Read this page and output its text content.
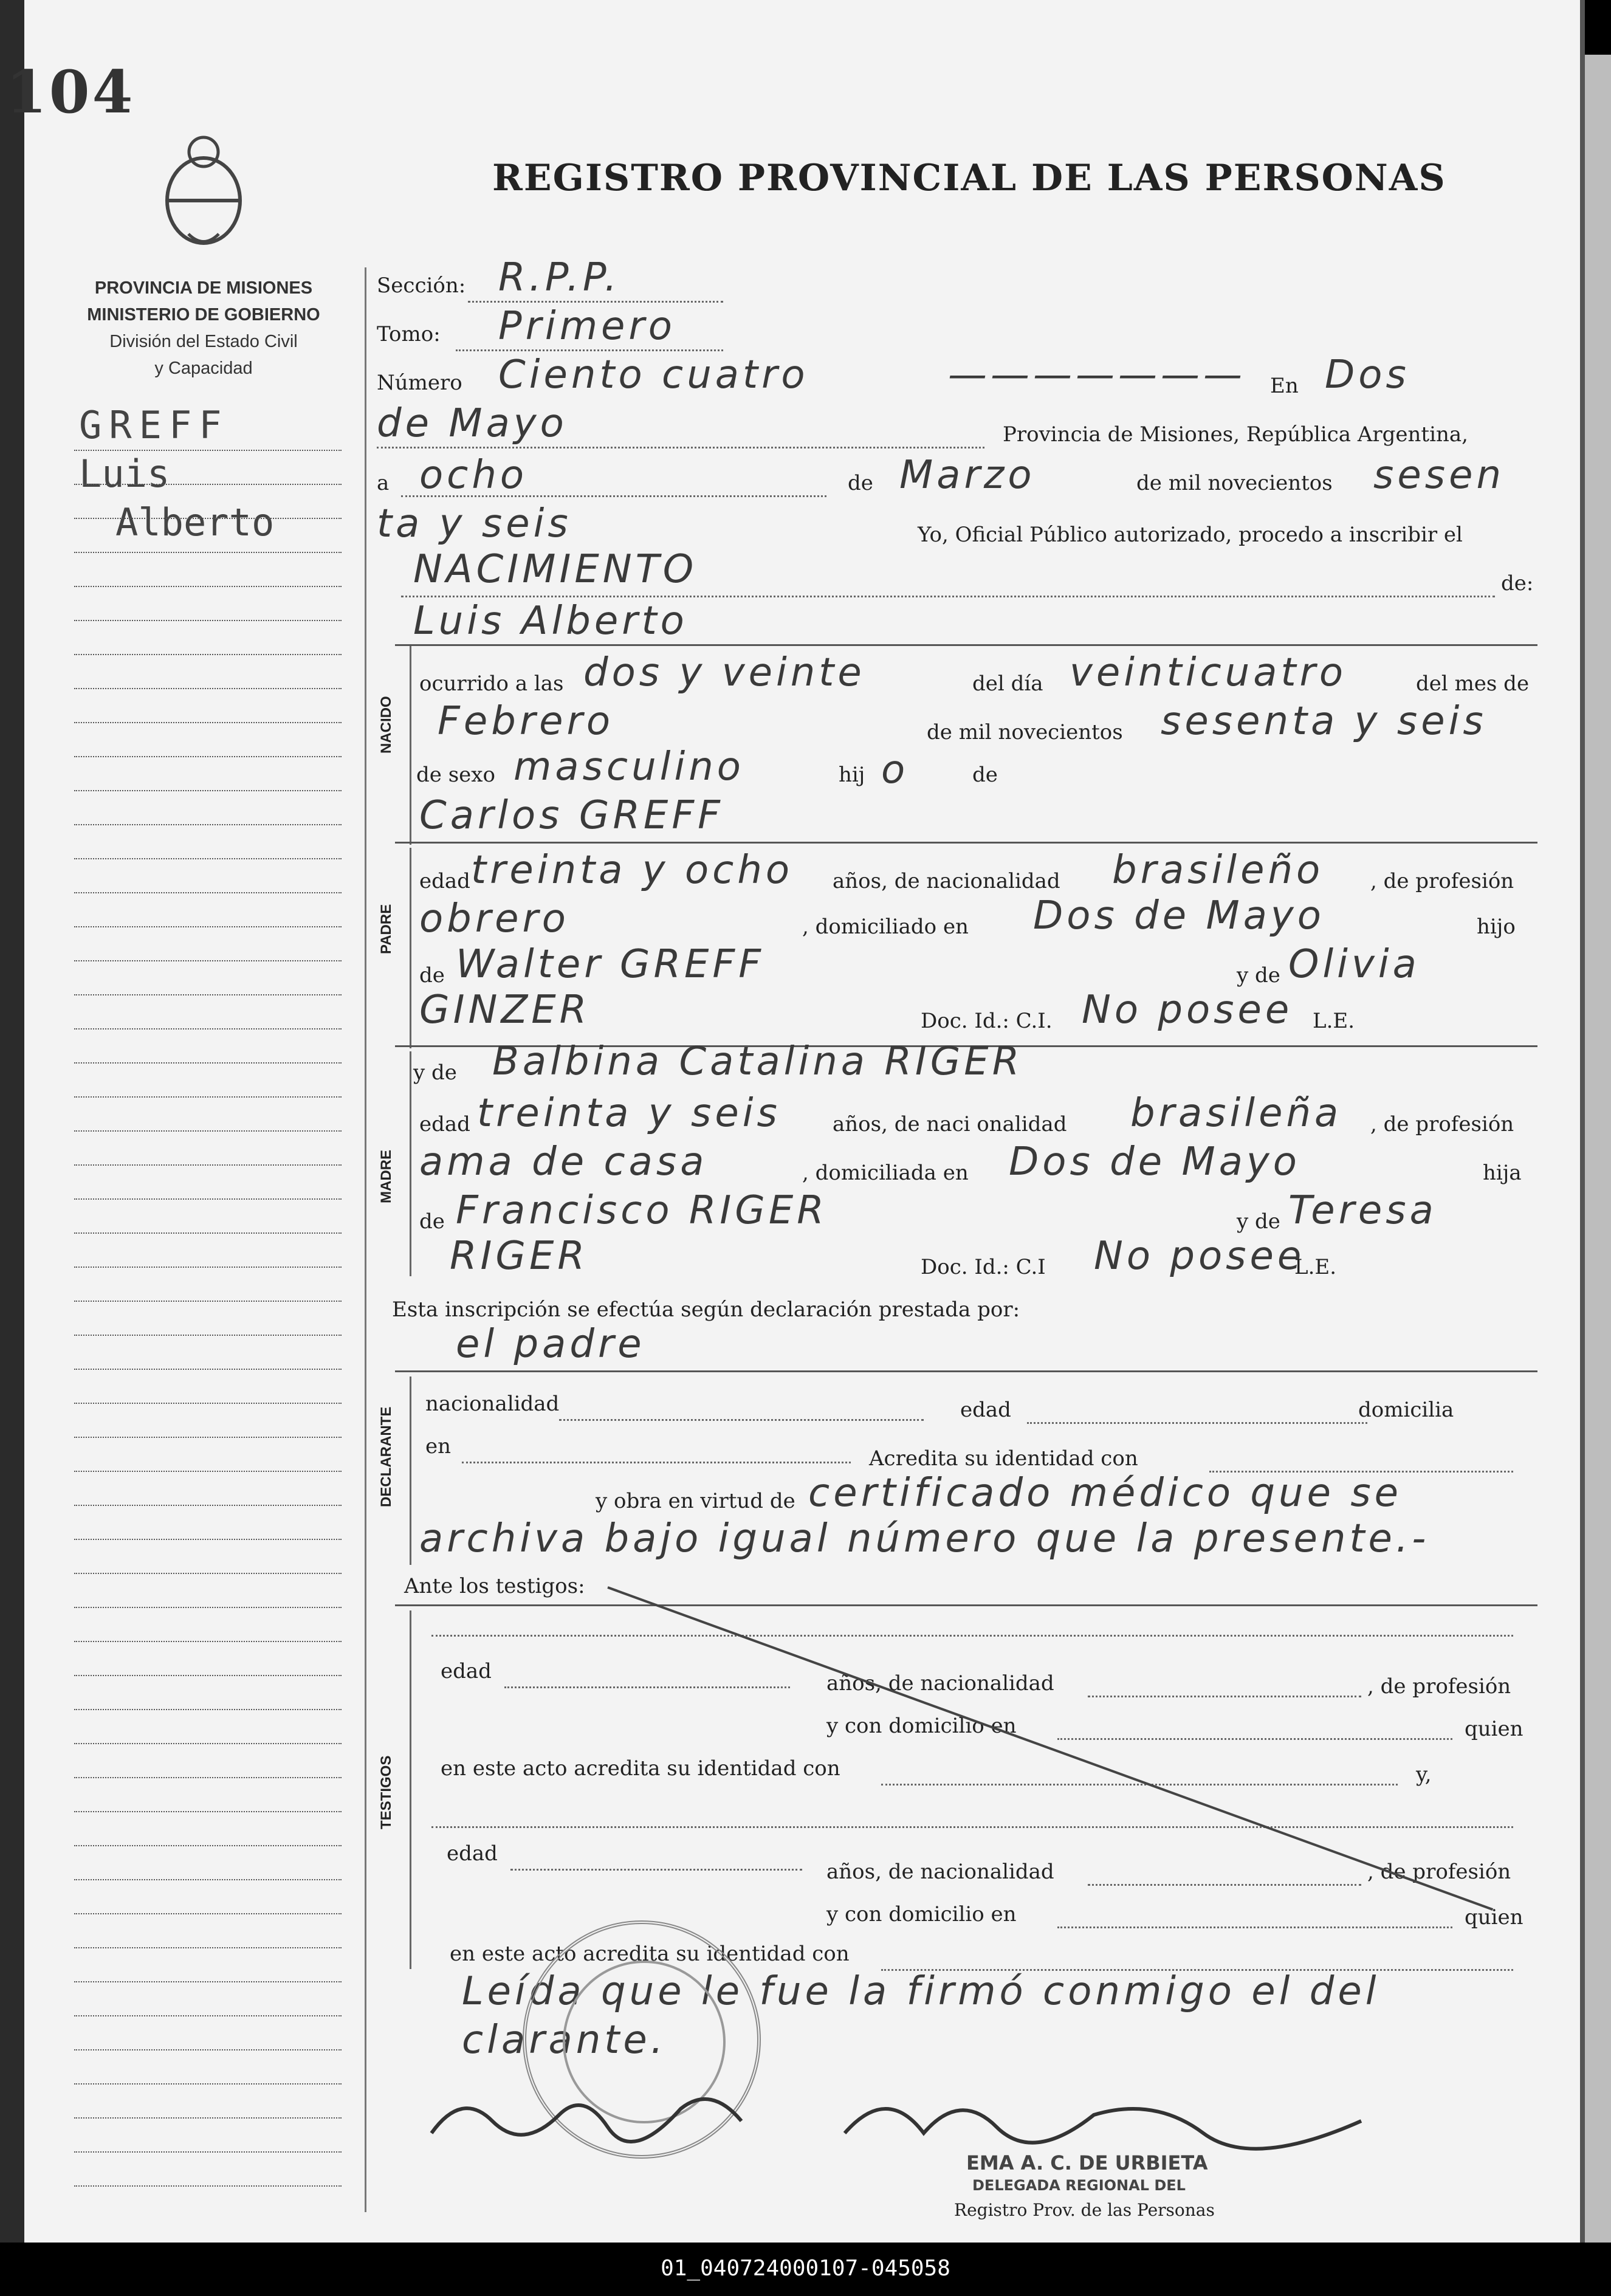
104
REGISTRO PROVINCIAL DE LAS PERSONAS
PROVINCIA DE MISIONES
MINISTERIO DE GOBIERNO
División del Estado Civil
y Capacidad
GREFF
Luis
Alberto
Sección: R.P.P.
Tomo: Primero
Número Ciento cuatro	——————— En Dos
de Mayo	Provincia de Misiones, República Argentina,
a ocho	de Marzo	de mil novecientos sesen
ta y seis	Yo, Oficial Público autorizado, procedo a inscribir el
NACIMIENTO	de:
NACIDO
Luis Alberto
ocurrido a las dos y veinte	del día veinticuatro	del mes de
Febrero	de mil novecientos sesenta y seis
de sexo masculino	hij o	de
Carlos GREFF
PADRE
edad treinta y ocho años, de nacionalidad brasileño , de profesión
obrero	, domiciliado en Dos de Mayo	hijo
de Walter GREFF	y de Olivia
GINZER	Doc. Id.: C.I. No posee L.E.
MADRE
y de Balbina Catalina RIGER
edad treinta y seis	años, de naci onalidad brasileña , de profesión
ama de casa	, domiciliada en Dos de Mayo	hija
de Francisco RIGER	y de Teresa
RIGER	Doc. Id.: C.I No posee
L.E.
Esta inscripción se efectúa según declaración prestada por:
el padre
DECLARANTE
nacionalidad	edad	domicilia
en	Acredita su identidad con
y obra en virtud de certificado médico que se
archiva bajo igual número que la presente.-
Ante los testigos:
TESTIGOS
edad	años, de nacionalidad	, de profesión
y con domicilio en	quien
en este acto acredita su identidad con	y,
edad
años, de nacionalidad	, de profesión
y con domicilio en	quien
en este acto acredita su identidad con
Leída que le fue la firmó conmigo el del
clarante.
EMA A. C. DE URBIETA
DELEGADA REGIONAL DEL
Registro Prov. de las Personas
01_040724000107-045058
